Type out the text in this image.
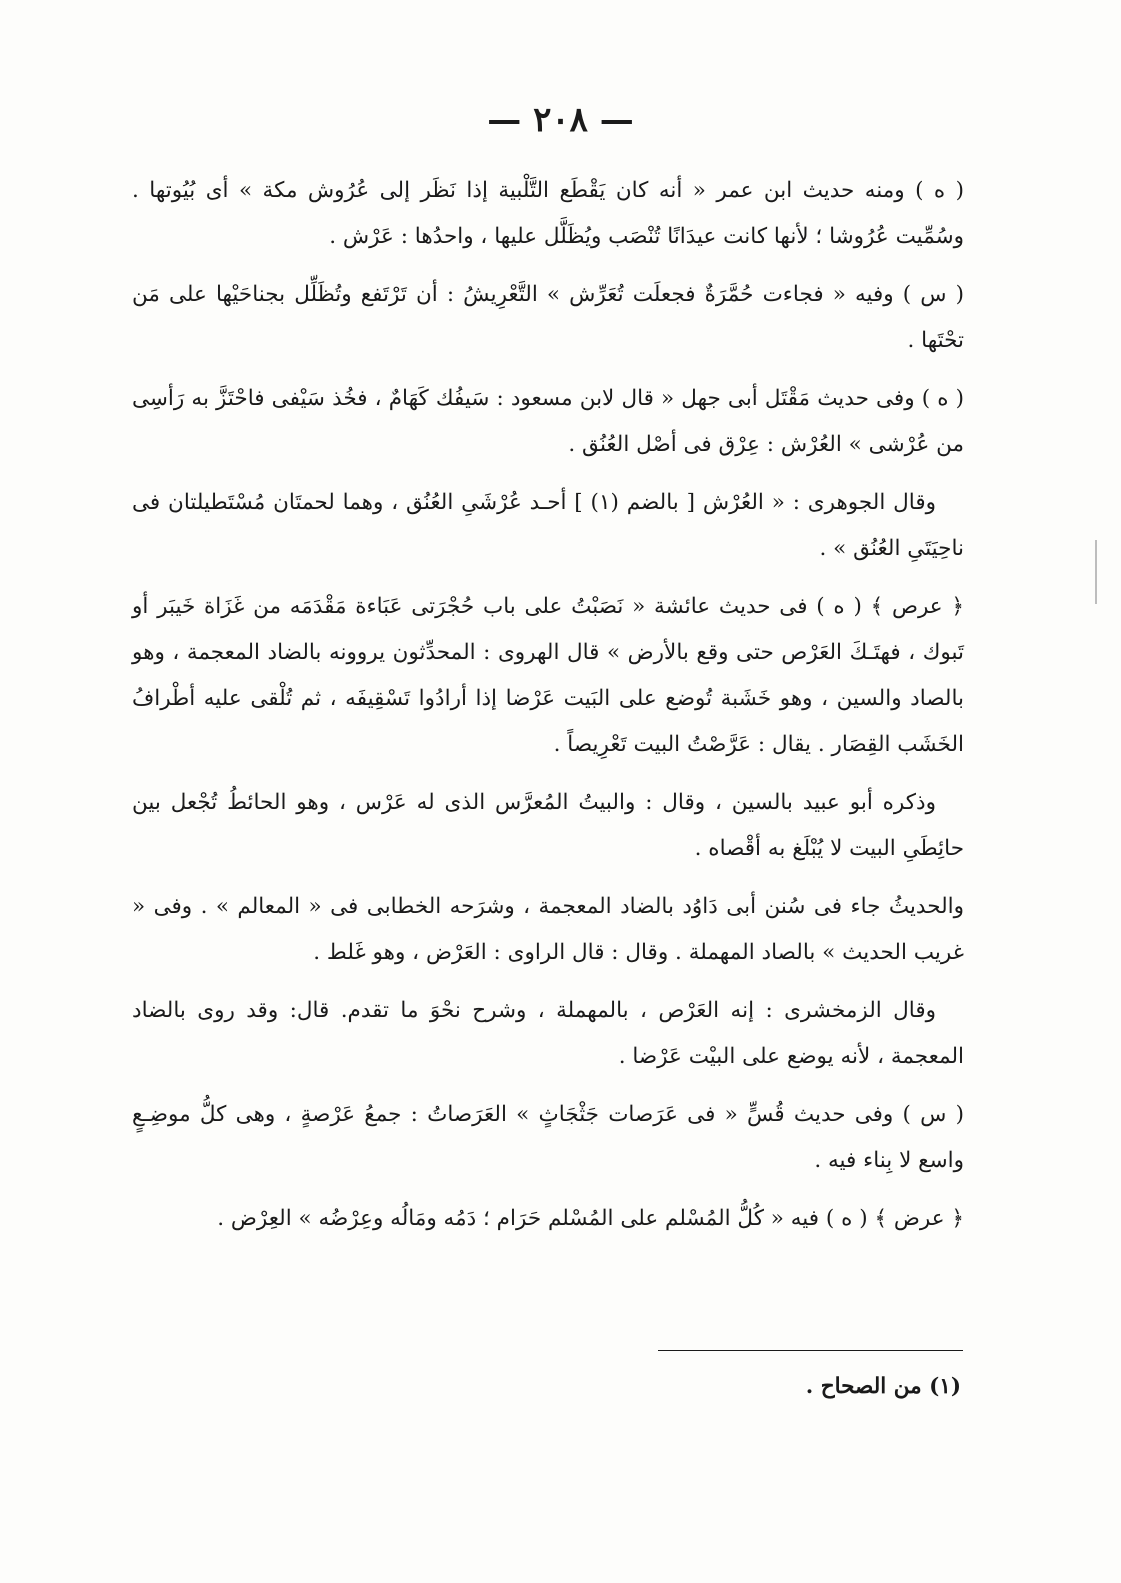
— ٢٠٨ —

( ه ) ومنه حديث ابن عمر « أنه كان يَقْطَع التَّلْبية إذا نَظَر إلى عُرُوش مكة » أى بُيُوتها . وسُمِّيت عُرُوشا ؛ لأنها كانت عيدَانًا تُنْصَب ويُظَلَّل عليها ، واحدُها : عَرْش .

( س ) وفيه « فجاءت حُمَّرَةٌ فجعلَت تُعَرِّش » التَّعْرِيشُ : أن تَرْتَفع وتُظَلِّل بجناحَيْها على مَن تحْتَها .

( ه ) وفى حديث مَقْتَل أبى جهل « قال لابن مسعود : سَيفُك كَهَامٌ ، فخُذ سَيْفى فاحْتَزَّ به رَأسِى من عُرْشى » العُرْش : عِرْق فى أصْل العُنُق .

وقال الجوهرى : « العُرْش [ بالضم (١) ] أحـد عُرْشَىِ العُنُق ، وهما لحمتَان مُسْتَطيلتان فى ناحِيَتَىِ العُنُق » .

﴿ عرص ﴾ ( ه ) فى حديث عائشة « نَصَبْتُ على باب حُجْرَتى عَبَاءة مَقْدَمَه من غَزَاة خَيبَر أو تَبوك ، فهتَـكَ العَرْص حتى وقع بالأرض » قال الهروى : المحدِّثون يروونه بالضاد المعجمة ، وهو بالصاد والسين ، وهو خَشَبة تُوضع على البَيت عَرْضا إذا أرادُوا تَسْقِيفَه ، ثم تُلْقى عليه أطْرافُ الخَشَب القِصَار . يقال : عَرَّصْتُ البيت تَعْرِيصاً .

وذكره أبو عبيد بالسين ، وقال : والبيتُ المُعرَّس الذى له عَرْس ، وهو الحائطُ تُجْعل بين حائِطَىِ البيت لا يُبْلَغ به أقْصاه .

والحديثُ جاء فى سُنن أبى دَاوُد بالضاد المعجمة ، وشرَحه الخطابى فى « المعالم » . وفى « غريب الحديث » بالصاد المهملة . وقال : قال الراوى : العَرْض ، وهو غَلط .

وقال الزمخشرى : إنه العَرْص ، بالمهملة ، وشرح نحْوَ ما تقدم. قال: وقد روى بالضاد المعجمة ، لأنه يوضع على البيْت عَرْضا .

( س ) وفى حديث قُسٍّ « فى عَرَصات جَثْجَاثٍ » العَرَصاتُ : جمعُ عَرْصةٍ ، وهى كلُّ موضِـعٍ واسع لا بِناء فيه .

﴿ عرض ﴾ ( ه ) فيه « كُلُّ المُسْلم على المُسْلم حَرَام ؛ دَمُه ومَالُه وعِرْضُه » العِرْض .

(١) من الصحاح .
